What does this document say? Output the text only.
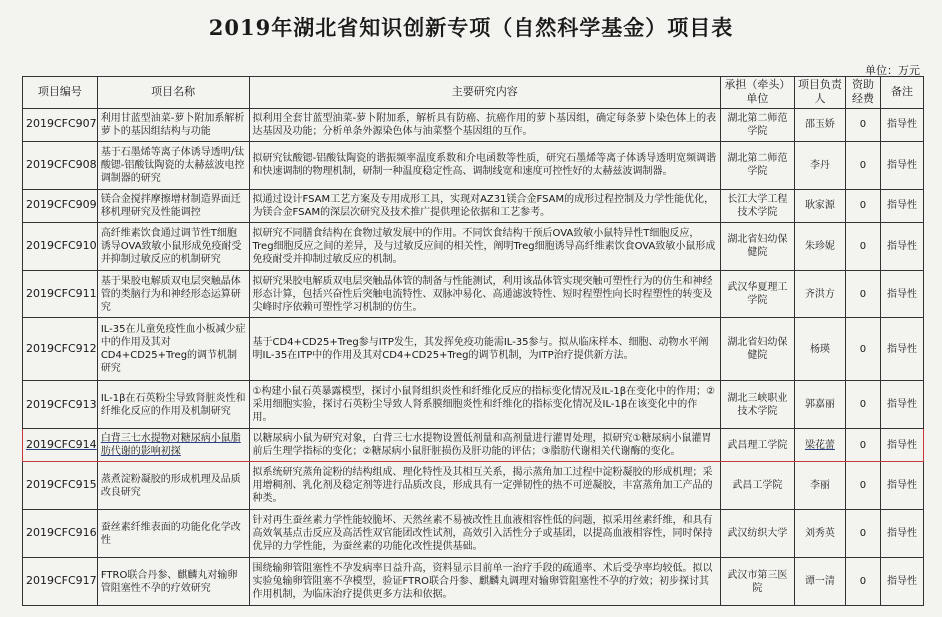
2019年湖北省知识创新专项（自然科学基金）项目表
单位：万元
项目编号	项目名称	主要研究内容	承担（牵头）单位	项目负责人	资助经费	备注
2019CFC907	利用甘蓝型油菜-萝卜附加系解析萝卜的基因组结构与功能	拟利用全套甘蓝型油菜-萝卜附加系，解析具有防癌、抗癌作用的萝卜基因组，确定每条萝卜染色体上的表达基因及功能；分析单条外源染色体与油菜整个基因组的互作。	湖北第二师范学院	邵玉娇	0	指导性
2019CFC908	基于石墨烯等离子体诱导透明/钛酸锶-铝酸钛陶瓷的太赫兹波电控调制器的研究	拟研究钛酸锶-铝酸钛陶瓷的谐振频率温度系数和介电函数等性质，研究石墨烯等离子体诱导透明宽频调谐和快速调制的物理机制，研制一种温度稳定性高、调制线宽和速度可控性好的太赫兹波调制器。	湖北第二师范学院	李丹	0	指导性
2019CFC909	镁合金搅拌摩擦增材制造界面迁移机理研究及性能调控	拟通过设计FSAM工艺方案及专用成形工具，实现对AZ31镁合金FSAM的成形过程控制及力学性能优化，为镁合金FSAM的深层次研究及技术推广提供理论依据和工艺参考。	长江大学工程技术学院	耿家源	0	指导性
2019CFC910	高纤维素饮食通过调节性T细胞诱导OVA致敏小鼠形成免疫耐受并抑制过敏反应的机制研究	拟研究不同膳食结构在食物过敏发展中的作用。不同饮食结构干预后OVA致敏小鼠特异性T细胞反应，Treg细胞反应之间的差异，及与过敏反应间的相关性，阐明Treg细胞诱导高纤维素饮食OVA致敏小鼠形成免疫耐受并抑制过敏反应的机制。	湖北省妇幼保健院	朱珍妮	0	指导性
2019CFC911	基于果胶电解质双电层突触晶体管的类脑行为和神经形态运算研究	拟研究果胶电解质双电层突触晶体管的制备与性能测试，利用该晶体管实现突触可塑性行为的仿生和神经形态计算，包括兴奋性后突触电流特性、双脉冲易化、高通滤波特性、短时程塑性向长时程塑性的转变及尖峰时序依赖可塑性学习机制的仿生。	武汉华夏理工学院	齐洪方	0	指导性
2019CFC912	IL-35在儿童免疫性血小板减少症中的作用及其对CD4+CD25+Treg的调节机制研究	基于CD4+CD25+Treg参与ITP发生，其发挥免疫功能需IL-35参与。拟从临床样本、细胞、动物水平阐明IL-35在ITP中的作用及其对CD4+CD25+Treg的调节机制，为ITP治疗提供新方法。	湖北省妇幼保健院	杨瑛	0	指导性
2019CFC913	IL-1β在石英粉尘导致肾脏炎性和纤维化反应的作用及机制研究	①构建小鼠石英暴露模型，探讨小鼠肾组织炎性和纤维化反应的指标变化情况及IL-1β在变化中的作用；②采用细胞实验，探讨石英粉尘导致人肾系膜细胞炎性和纤维化的指标变化情况及IL-1β在该变化中的作用。	湖北三峡职业技术学院	郭嘉丽	0	指导性
2019CFC914	白背三七水提物对糖尿病小鼠脂肪代谢的影响初探	以糖尿病小鼠为研究对象，白背三七水提物设置低剂量和高剂量进行灌胃处理，拟研究①糖尿病小鼠灌胃前后生理学指标的变化；②糖尿病小鼠肝脏损伤及肝功能的评估；③脂肪代谢相关代谢酶的变化。	武昌理工学院	梁花蕾	0	指导性
2019CFC915	蒸煮淀粉凝胶的形成机理及品质改良研究	拟系统研究蒸角淀粉的结构组成、理化特性及其相互关系，揭示蒸角加工过程中淀粉凝胶的形成机理；采用增稠剂、乳化剂及稳定剂等进行品质改良，形成具有一定弹韧性的热不可逆凝胶，丰富蒸角加工产品的种类。	武昌工学院	李丽	0	指导性
2019CFC916	蚕丝素纤维表面的功能化化学改性	针对再生蚕丝素力学性能较脆坏、天然丝素不易被改性且血液相容性低的问题，拟采用丝素纤维，和具有高效氧基点击反应及高活性双官能团改性试剂，高效引入活性分子或基团，以提高血液相容性，同时保持优异的力学性能，为蚕丝素的功能化改性提供基础。	武汉纺织大学	刘秀英	0	指导性
2019CFC917	FTRO联合丹参、麒麟丸对输卵管阻塞性不孕的疗效研究	围绕输卵管阻塞性不孕发病率日益升高，资料显示目前单一治疗手段的疏通率、术后受孕率均较低。拟以实验兔输卵管阻塞不孕模型，验证FTRO联合丹参、麒麟丸调理对输卵管阻塞性不孕的疗效；初步探讨其作用机制，为临床治疗提供更多方法和依据。	武汉市第三医院	谭一清	0	指导性
